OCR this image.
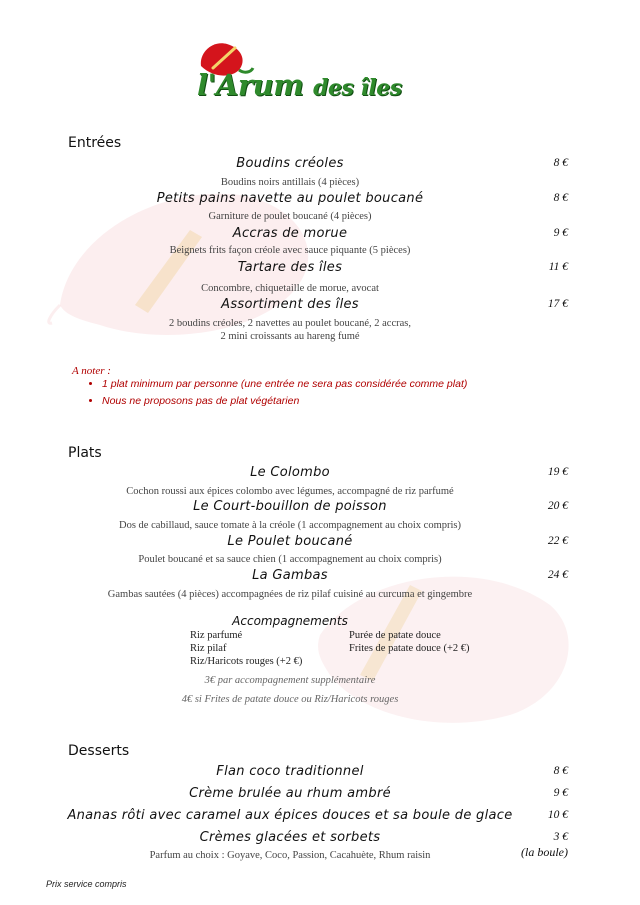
l'Arum des îles
Entrées
Boudins créoles	8 €
Boudins noirs antillais (4 pièces)
Petits pains navette au poulet boucané	8 €
Garniture de poulet boucané (4 pièces)
Accras de morue	9 €
Beignets frits façon créole avec sauce piquante (5 pièces)
Tartare des îles	11 €
Concombre, chiquetaille de morue, avocat
Assortiment des îles	17 €
2 boudins créoles, 2 navettes au poulet boucané, 2 accras,
2 mini croissants au hareng fumé
A noter :
• 1 plat minimum par personne (une entrée ne sera pas considérée comme plat)
• Nous ne proposons pas de plat végétarien
Plats
Le Colombo	19 €
Cochon roussi aux épices colombo avec légumes, accompagné de riz parfumé
Le Court-bouillon de poisson	20 €
Dos de cabillaud, sauce tomate à la créole (1 accompagnement au choix compris)
Le Poulet boucané	22 €
Poulet boucané et sa sauce chien (1 accompagnement au choix compris)
La Gambas	24 €
Gambas sautées (4 pièces) accompagnées de riz pilaf cuisiné au curcuma et gingembre
Accompagnements
Riz parfumé
Riz pilaf
Riz/Haricots rouges (+2 €)
Purée de patate douce
Frites de patate douce (+2 €)
3€ par accompagnement supplémentaire
4€ si Frites de patate douce ou Riz/Haricots rouges
Desserts
Flan coco traditionnel	8 €
Crème brulée au rhum ambré	9 €
Ananas rôti avec caramel aux épices douces et sa boule de glace	10 €
Crèmes glacées et sorbets	3 €
(la boule)
Parfum au choix : Goyave, Coco, Passion, Cacahuète, Rhum raisin
Prix service compris
